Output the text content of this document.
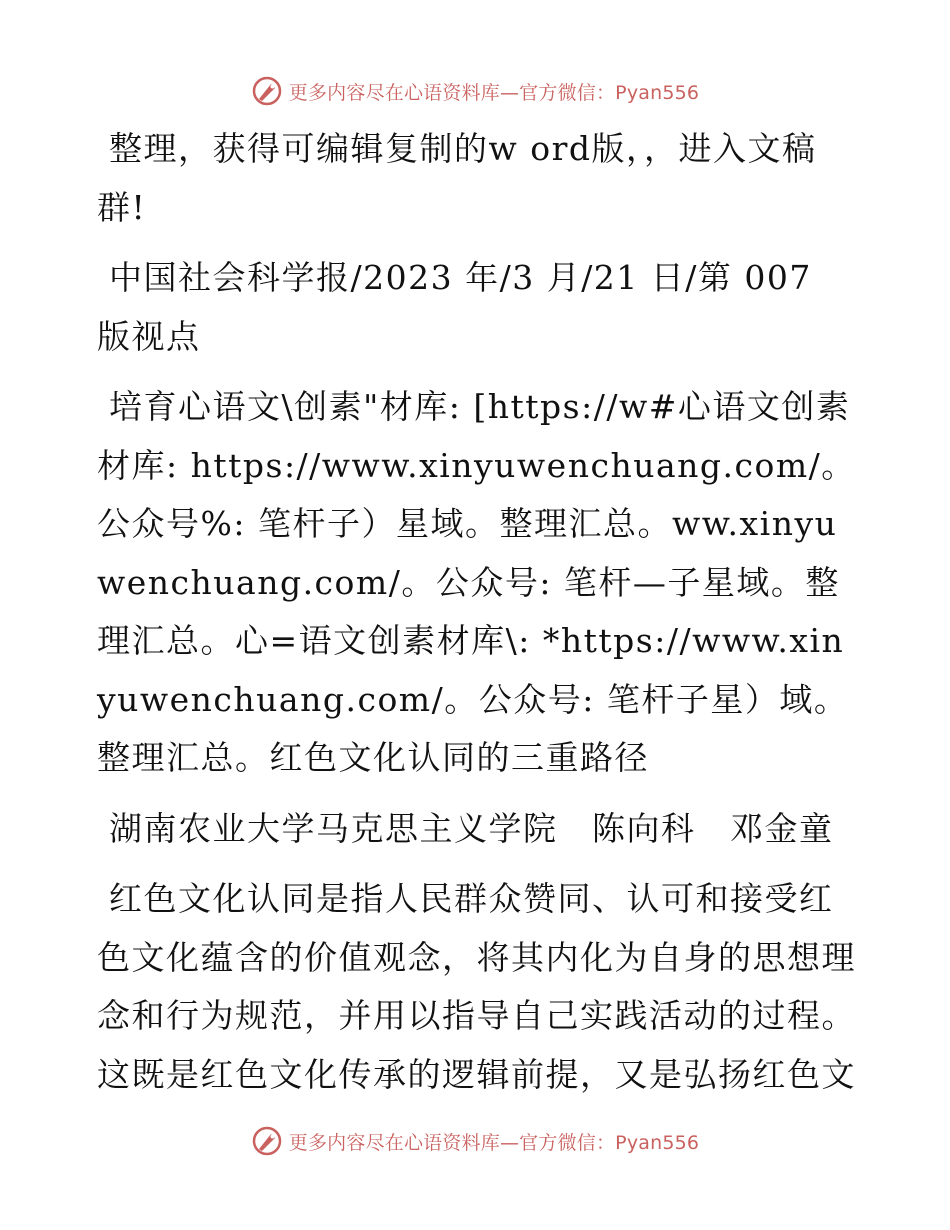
更多内容尽在心语资料库—官方微信：Pyan556

整理，获得可编辑复制的w ord版，，进入文稿群!

中国社会科学报/2023 年/3 月/21 日/第 007 版视点

培育心语文\创素"材库: [https://w#心语文创素材库: https://www.xinyuwenchuang.com/。公众号%: 笔杆子）星域。整理汇总。ww.xinyuwenchuang.com/。公众号: 笔杆—子星域。整理汇总。心=语文创素材库\: *https://www.xinyuwenchuang.com/。公众号: 笔杆子星）域。整理汇总。红色文化认同的三重路径

湖南农业大学马克思主义学院　陈向科　邓金童

红色文化认同是指人民群众赞同、认可和接受红色文化蕴含的价值观念，将其内化为自身的思想理念和行为规范，并用以指导自己实践活动的过程。这既是红色文化传承的逻辑前提，又是弘扬红色文

更多内容尽在心语资料库—官方微信：Pyan556
